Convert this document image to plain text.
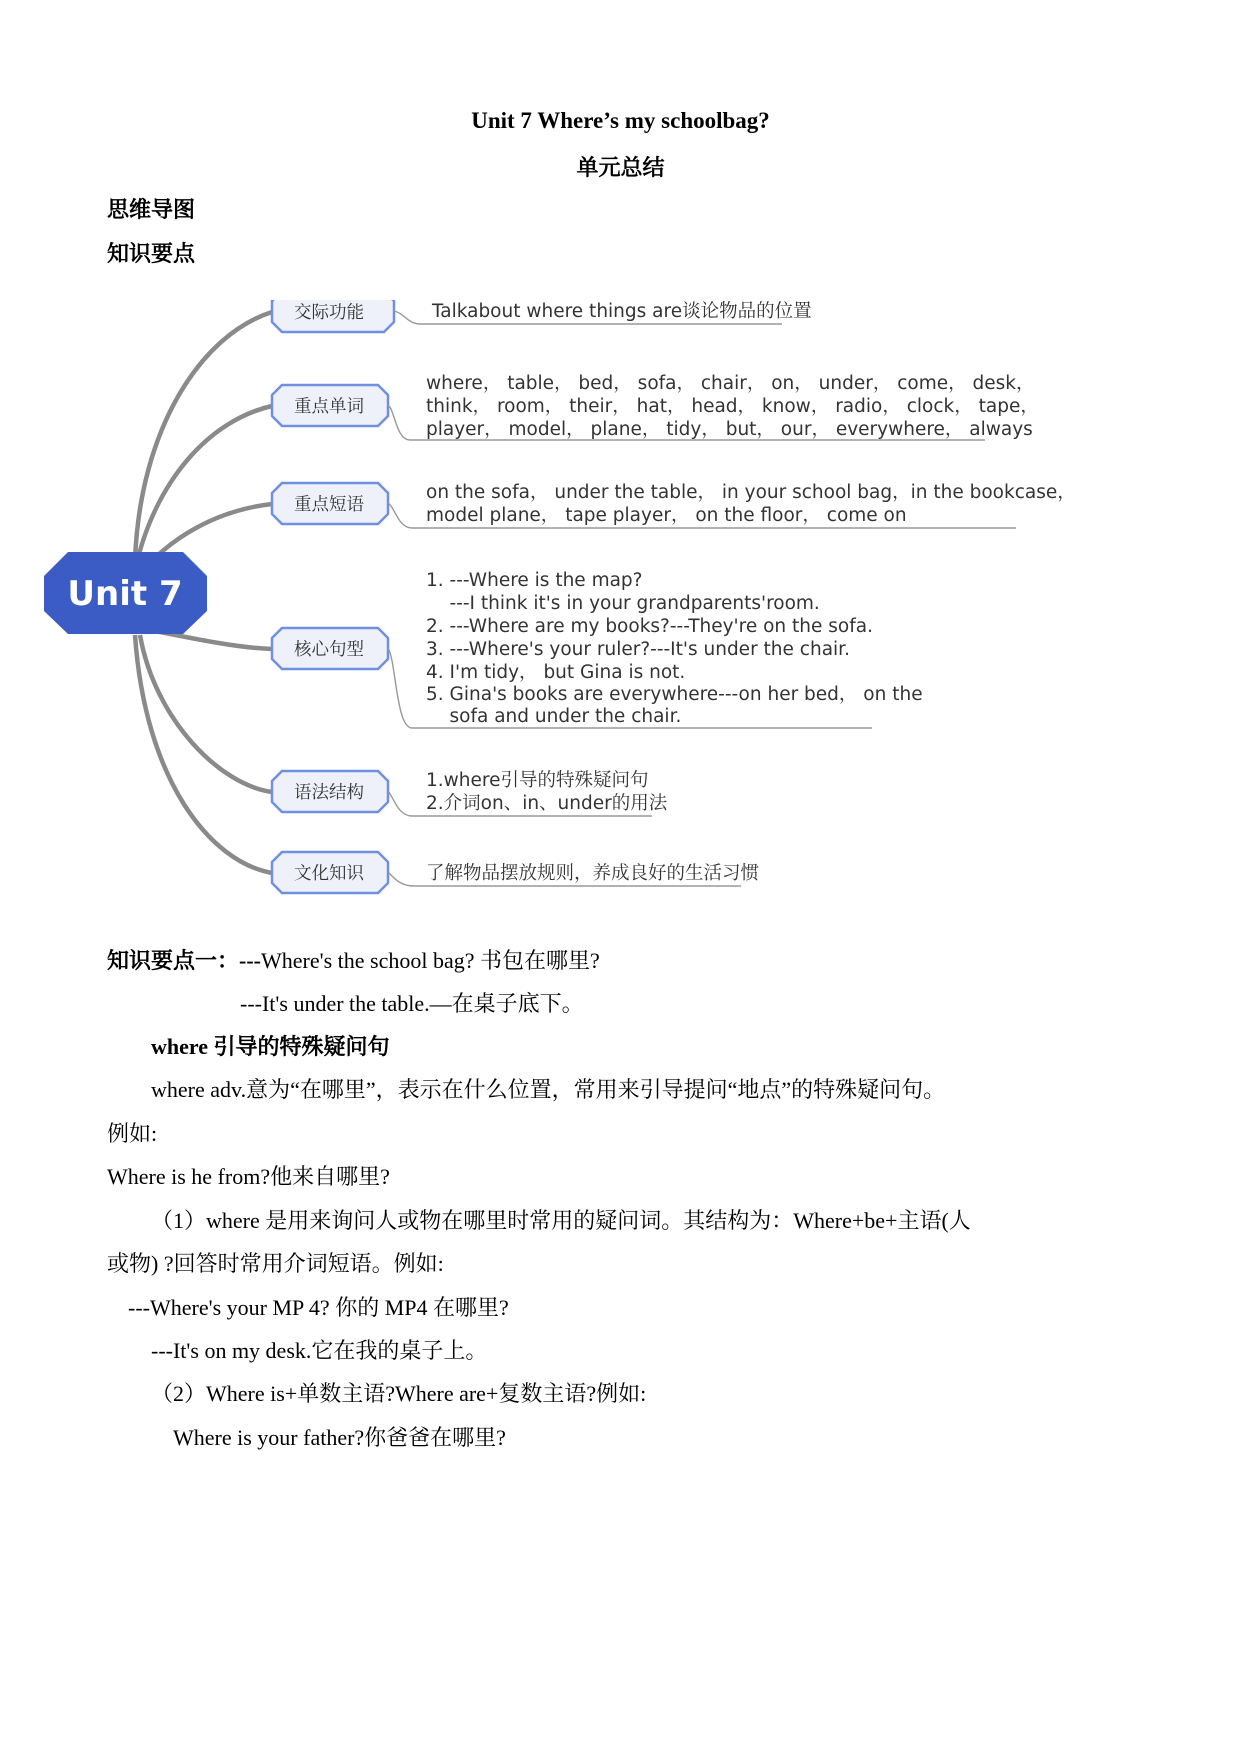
Unit 7 Where’s my schoolbag?
单元总结
思维导图
知识要点
Unit 7
交际功能
重点单词
重点短语
核心句型
语法结构
文化知识
Talkabout where things are谈论物品的位置
where， table， bed， sofa， chair， on， under， come， desk，
think， room， their， hat， head， know， radio， clock， tape，
player， model， plane， tidy， but， our， everywhere， always
on the sofa， under the table， in your school bag，in the bookcase，
model plane， tape player， on the floor， come on
1. ---Where is the map?
---I think it's in your grandparents'room.
2. ---Where are my books?---They're on the sofa.
3. ---Where's your ruler?---It's under the chair.
4. I'm tidy， but Gina is not.
5. Gina's books are everywhere---on her bed， on the
sofa and under the chair.
1.where引导的特殊疑问句
2.介词on、in、under的用法
了解物品摆放规则，养成良好的生活习惯
知识要点一：---Where's the school bag? 书包在哪里?
---It's under the table.—在桌子底下。
where 引导的特殊疑问句
where adv.意为“在哪里”，表示在什么位置，常用来引导提问“地点”的特殊疑问句。
例如:
Where is he from?他来自哪里?
（1）where 是用来询问人或物在哪里时常用的疑问词。其结构为：Where+be+主语(人
或物) ?回答时常用介词短语。例如:
---Where's your MP 4? 你的 MP4 在哪里?
---It's on my desk.它在我的桌子上。
（2）Where is+单数主语?Where are+复数主语?例如:
Where is your father?你爸爸在哪里?
